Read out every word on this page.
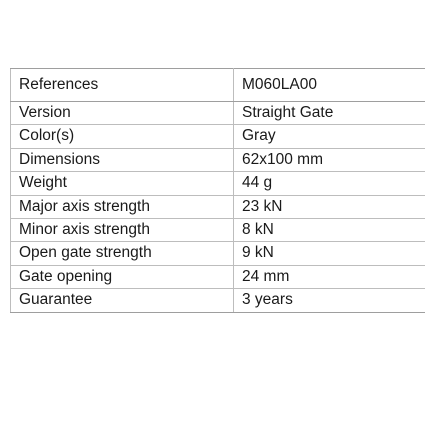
References	M060LA00
Version	Straight Gate
Color(s)	Gray
Dimensions	62x100 mm
Weight	44 g
Major axis strength	23 kN
Minor axis strength	8 kN
Open gate strength	9 kN
Gate opening	24 mm
Guarantee	3 years
